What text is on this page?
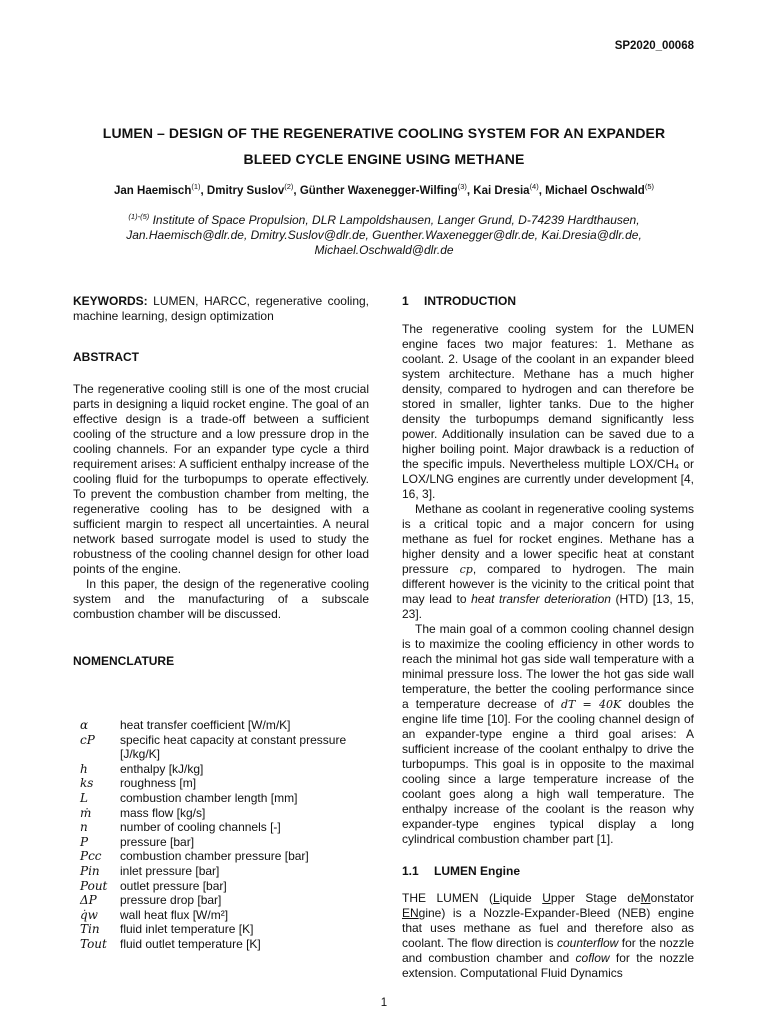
SP2020_00068
LUMEN – DESIGN OF THE REGENERATIVE COOLING SYSTEM FOR AN EXPANDER
BLEED CYCLE ENGINE USING METHANE
Jan Haemisch$^{(1)}$, Dmitry Suslov$^{(2)}$, Günther Waxenegger-Wilfing$^{(3)}$, Kai Dresia$^{(4)}$, Michael Oschwald$^{(5)}$
$^{(1)-(5)}$ Institute of Space Propulsion, DLR Lampoldshausen, Langer Grund, D-74239 Hardthausen,
Jan.Haemisch@dlr.de, Dmitry.Suslov@dlr.de, Guenther.Waxenegger@dlr.de, Kai.Dresia@dlr.de,
Michael.Oschwald@dlr.de

KEYWORDS: LUMEN, HARCC, regenerative cooling, machine learning, design optimization

ABSTRACT

The regenerative cooling still is one of the most crucial parts in designing a liquid rocket engine. The goal of an effective design is a trade-off between a sufficient cooling of the structure and a low pressure drop in the cooling channels. For an expander type cycle a third requirement arises: A sufficient enthalpy increase of the cooling fluid for the turbopumps to operate effectively. To prevent the combustion chamber from melting, the regenerative cooling has to be designed with a sufficient margin to respect all uncertainties. A neural network based surrogate model is used to study the robustness of the cooling channel design for other load points of the engine.

In this paper, the design of the regenerative cooling system and the manufacturing of a subscale combustion chamber will be discussed.

NOMENCLATURE

α	heat transfer coefficient [W/m/K]
cP	specific heat capacity at constant pressure [J/kg/K]
h	enthalpy [kJ/kg]
ks	roughness [m]
L	combustion chamber length [mm]
ṁ	mass flow [kg/s]
n	number of cooling channels [-]
P	pressure [bar]
Pcc	combustion chamber pressure [bar]
Pin	inlet pressure [bar]
Pout	outlet pressure [bar]
ΔP	pressure drop [bar]
q̇w	wall heat flux [W/m²]
Tin	fluid inlet temperature [K]
Tout	fluid outlet temperature [K]

1 INTRODUCTION

The regenerative cooling system for the LUMEN engine faces two major features: 1. Methane as coolant. 2. Usage of the coolant in an expander bleed system architecture. Methane has a much higher density, compared to hydrogen and can therefore be stored in smaller, lighter tanks. Due to the higher density the turbopumps demand significantly less power. Additionally insulation can be saved due to a higher boiling point. Major drawback is a reduction of the specific impuls. Nevertheless multiple LOX/CH₄ or LOX/LNG engines are currently under development [4, 16, 3].

Methane as coolant in regenerative cooling systems is a critical topic and a major concern for using methane as fuel for rocket engines. Methane has a higher density and a lower specific heat at constant pressure cp, compared to hydrogen. The main different however is the vicinity to the critical point that may lead to heat transfer deterioration (HTD) [13, 15, 23].

The main goal of a common cooling channel design is to maximize the cooling efficiency in other words to reach the minimal hot gas side wall temperature with a minimal pressure loss. The lower the hot gas side wall temperature, the better the cooling performance since a temperature decrease of dT = 40K doubles the engine life time [10]. For the cooling channel design of an expander-type engine a third goal arises: A sufficient increase of the coolant enthalpy to drive the turbopumps. This goal is in opposite to the maximal cooling since a large temperature increase of the coolant goes along a high wall temperature. The enthalpy increase of the coolant is the reason why expander-type engines typical display a long cylindrical combustion chamber part [1].

1.1 LUMEN Engine

THE LUMEN (Liquide Upper Stage deMonstator ENgine) is a Nozzle-Expander-Bleed (NEB) engine that uses methane as fuel and therefore also as coolant. The flow direction is counterflow for the nozzle and combustion chamber and coflow for the nozzle extension. Computational Fluid Dynamics

1
